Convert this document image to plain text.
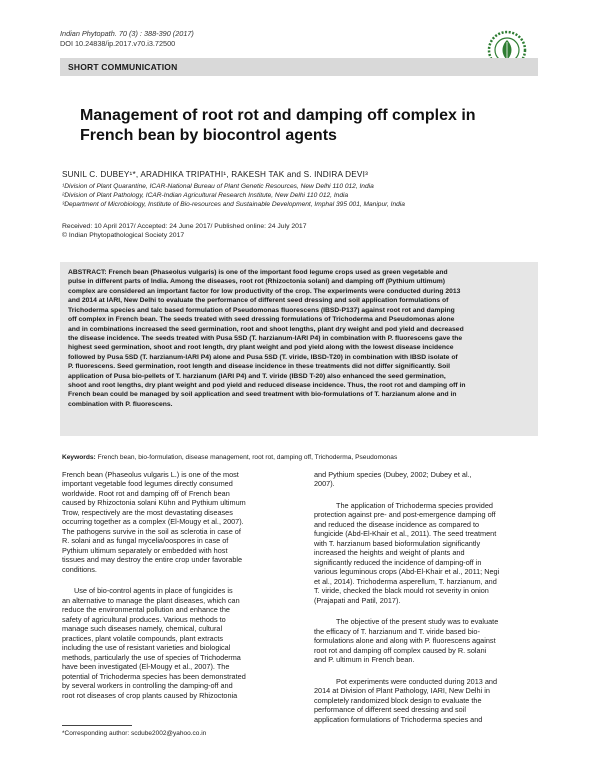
Indian Phytopath. 70 (3) : 388-390 (2017)
DOI 10.24838/ip.2017.v70.i3.72500
SHORT COMMUNICATION
Management of root rot and damping off complex in French bean by biocontrol agents
SUNIL C. DUBEY¹*, ARADHIKA TRIPATHI¹, RAKESH TAK and S. INDIRA DEVI³
¹Division of Plant Quarantine, ICAR-National Bureau of Plant Genetic Resources, New Delhi 110 012, India
²Division of Plant Pathology, ICAR-Indian Agricultural Research Institute, New Delhi 110 012, India
³Department of Microbiology, Institute of Bio-resources and Sustainable Development, Imphal 395 001, Manipur, India
Received: 10 April 2017/ Accepted: 24 June 2017/ Published online: 24 July 2017
© Indian Phytopathological Society 2017
ABSTRACT: French bean (Phaseolus vulgaris) is one of the important food legume crops used as green vegetable and
pulse in different parts of India. Among the diseases, root rot (Rhizoctonia solani) and damping off (Pythium ultimum)
complex are considered an important factor for low productivity of the crop. The experiments were conducted during 2013
and 2014 at IARI, New Delhi to evaluate the performance of different seed dressing and soil application formulations of
Trichoderma species and talc based formulation of Pseudomonas fluorescens (IBSD-P137) against root rot and damping
off complex in French bean. The seeds treated with seed dressing formulations of Trichoderma and Pseudomonas alone
and in combinations increased the seed germination, root and shoot lengths, plant dry weight and pod yield and decreased
the disease incidence. The seeds treated with Pusa 5SD (T. harzianum-IARI P4) in combination with P. fluorescens gave the
highest seed germination, shoot and root length, dry plant weight and pod yield along with the lowest disease incidence
followed by Pusa 5SD (T. harzianum-IARI P4) alone and Pusa 5SD (T. viride, IBSD-T20) in combination with IBSD isolate of
P. fluorescens. Seed germination, root length and disease incidence in these treatments did not differ significantly. Soil
application of Pusa bio-pellets of T. harzianum (IARI P4) and T. viride (IBSD T-20) also enhanced the seed germination,
shoot and root lengths, dry plant weight and pod yield and reduced disease incidence. Thus, the root rot and damping off in
French bean could be managed by soil application and seed treatment with bio-formulations of T. harzianum alone and in
combination with P. fluorescens.
Keywords: French bean, bio-formulation, disease management, root rot, damping off, Trichoderma, Pseudomonas
French bean (Phaseolus vulgaris L.) is one of the most
important vegetable food legumes directly consumed
worldwide. Root rot and damping off of French bean
caused by Rhizoctonia solani Kühn and Pythium ultimum
Trow, respectively are the most devastating diseases
occurring together as a complex (El-Mougy et al., 2007).
The pathogens survive in the soil as sclerotia in case of
R. solani and as fungal mycelia/oospores in case of
Pythium ultimum separately or embedded with host
tissues and may destroy the entire crop under favorable
conditions.
Use of bio-control agents in place of fungicides is
an alternative to manage the plant diseases, which can
reduce the environmental pollution and enhance the
safety of agricultural produces. Various methods to
manage such diseases namely, chemical, cultural
practices, plant volatile compounds, plant extracts
including the use of resistant varieties and biological
methods, particularly the use of species of Trichoderma
have been investigated (El-Mougy et al., 2007). The
potential of Trichoderma species has been demonstrated
by several workers in controlling the damping-off and
root rot diseases of crop plants caused by Rhizoctonia
and Pythium species (Dubey, 2002; Dubey et al.,
2007).
The application of Trichoderma species provided
protection against pre- and post-emergence damping off
and reduced the disease incidence as compared to
fungicide (Abd-El-Khair et al., 2011). The seed treatment
with T. harzianum based bioformulation significantly
increased the heights and weight of plants and
significantly reduced the incidence of damping-off in
various leguminous crops (Abd-El-Khair et al., 2011; Negi
et al., 2014). Trichoderma asperellum, T. harzianum, and
T. viride, checked the black mould rot severity in onion
(Prajapati and Patil, 2017).
The objective of the present study was to evaluate
the efficacy of T. harzianum and T. viride based bio-
formulations alone and along with P. fluorescens against
root rot and damping off complex caused by R. solani
and P. ultimum in French bean.
Pot experiments were conducted during 2013 and
2014 at Division of Plant Pathology, IARI, New Delhi in
completely randomized block design to evaluate the
performance of different seed dressing and soil
application formulations of Trichoderma species and
*Corresponding author: scdube2002@yahoo.co.in
